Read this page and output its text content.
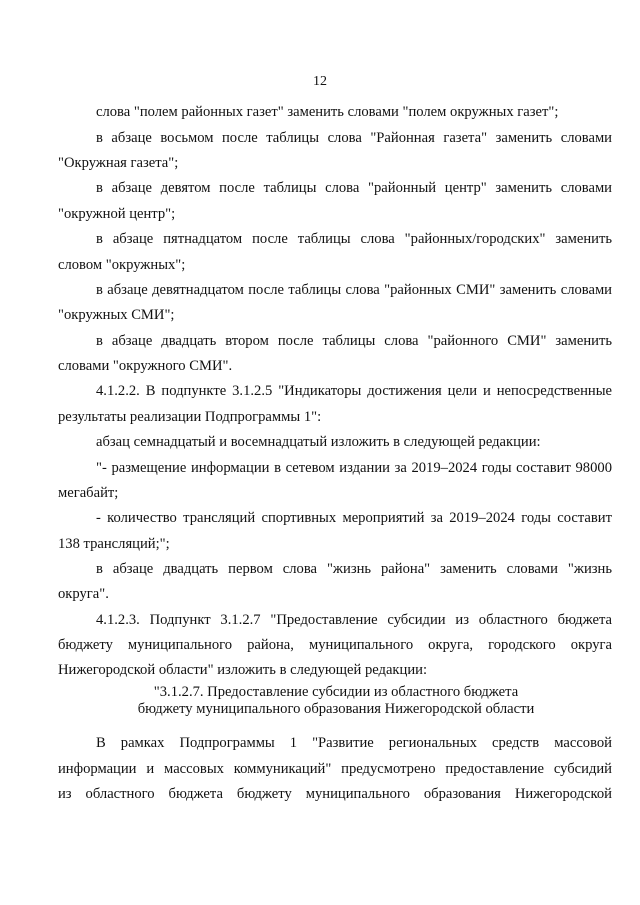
12
слова "полем районных газет" заменить словами "полем окружных газет";
в абзаце восьмом после таблицы слова "Районная газета" заменить словами
"Окружная газета";
в абзаце девятом после таблицы слова "районный центр" заменить словами
"окружной центр";
в абзаце пятнадцатом после таблицы слова "районных/городских" заменить
словом "окружных";
в абзаце девятнадцатом после таблицы слова "районных СМИ" заменить словами
"окружных СМИ";
в абзаце двадцать втором после таблицы слова "районного СМИ" заменить
словами "окружного СМИ".
4.1.2.2. В подпункте 3.1.2.5 "Индикаторы достижения цели и непосредственные
результаты реализации Подпрограммы 1":
абзац семнадцатый и восемнадцатый изложить в следующей редакции:
"- размещение информации в сетевом издании за 2019–2024 годы составит 98000
мегабайт;
- количество трансляций спортивных мероприятий за 2019–2024 годы составит
138 трансляций;";
в абзаце двадцать первом слова "жизнь района" заменить словами "жизнь
округа".
4.1.2.3. Подпункт 3.1.2.7 "Предоставление субсидии из областного бюджета
бюджету муниципального района, муниципального округа, городского округа
Нижегородской области" изложить в следующей редакции:
"3.1.2.7. Предоставление субсидии из областного бюджета
бюджету муниципального образования Нижегородской области
В рамках Подпрограммы 1 "Развитие региональных средств массовой
информации и массовых коммуникаций" предусмотрено предоставление субсидий
из областного бюджета бюджету муниципального образования Нижегородской
